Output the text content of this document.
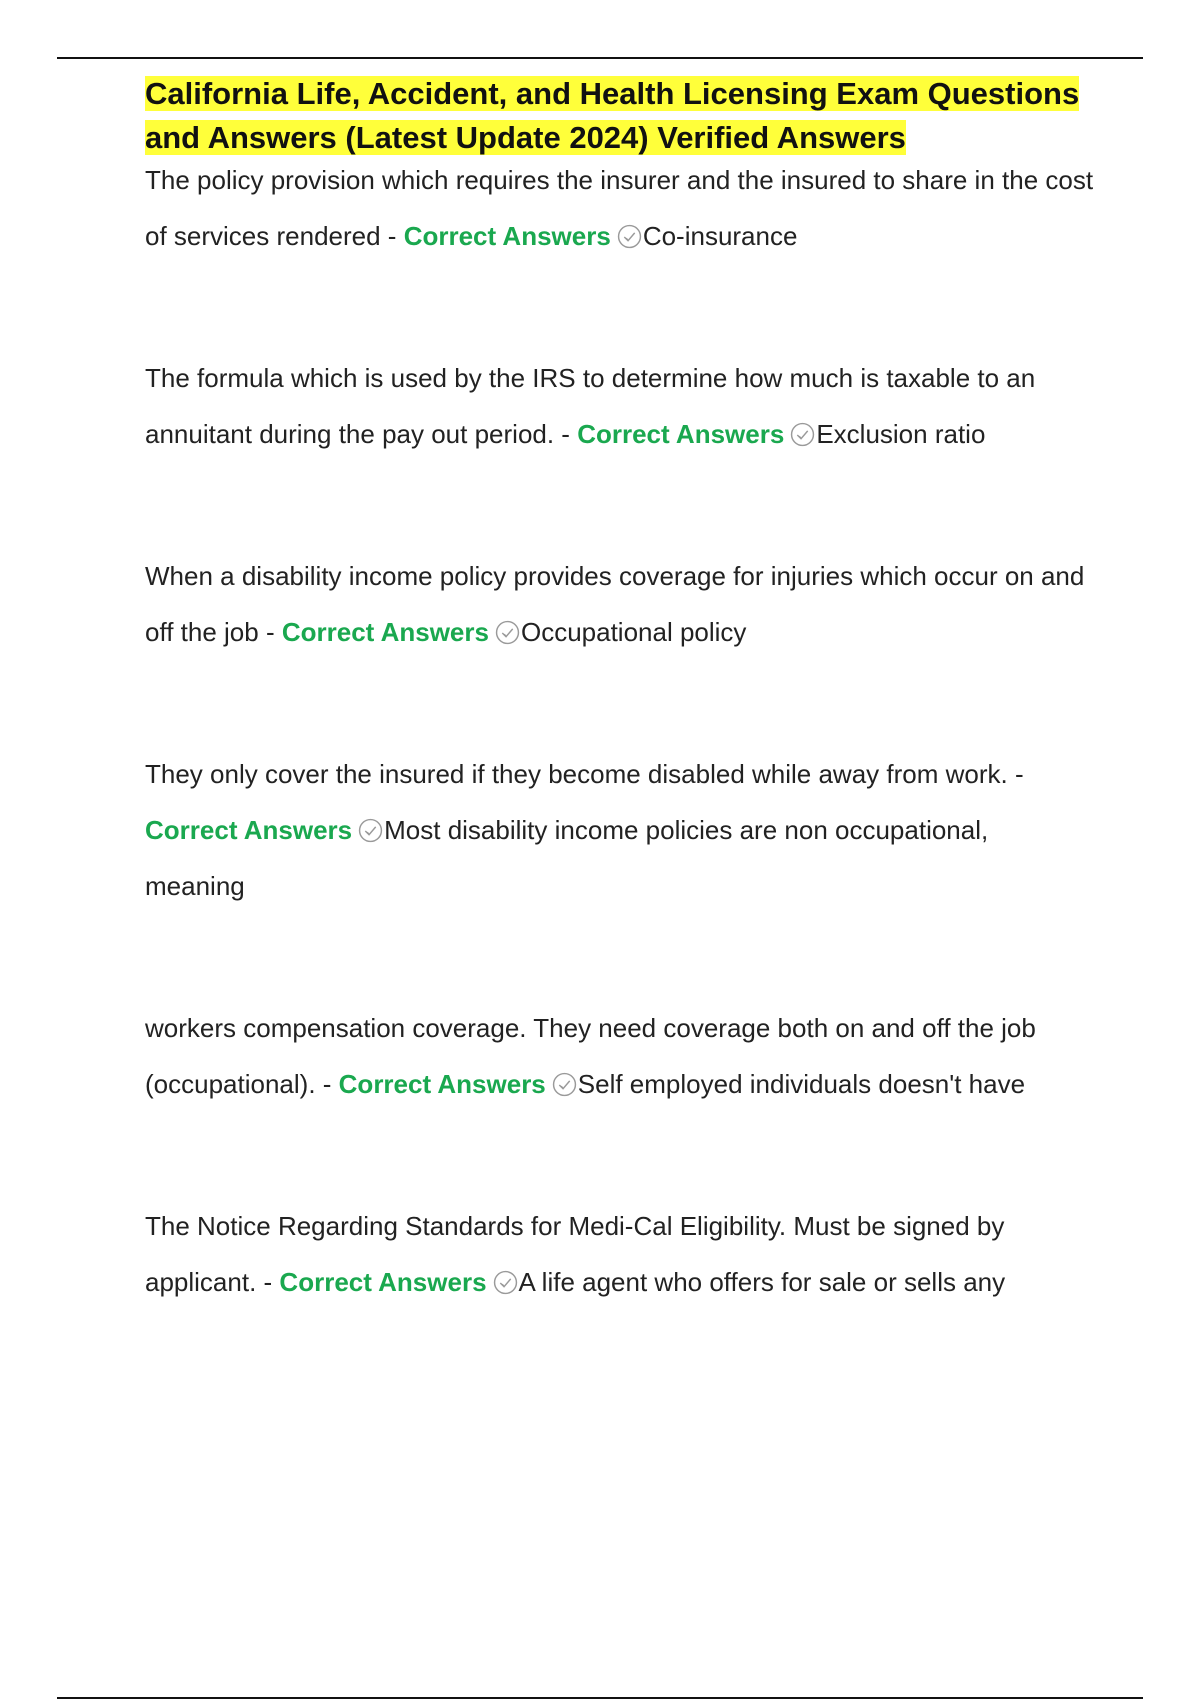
California Life, Accident, and Health Licensing Exam Questions and Answers (Latest Update 2024) Verified Answers

The policy provision which requires the insurer and the insured to share in the cost of services rendered - Correct Answers Co-insurance

The formula which is used by the IRS to determine how much is taxable to an annuitant during the pay out period. - Correct Answers Exclusion ratio

When a disability income policy provides coverage for injuries which occur on and off the job - Correct Answers Occupational policy

They only cover the insured if they become disabled while away from work. - Correct Answers Most disability income policies are non occupational, meaning

workers compensation coverage. They need coverage both on and off the job (occupational). - Correct Answers Self employed individuals doesn't have

The Notice Regarding Standards for Medi-Cal Eligibility. Must be signed by applicant. - Correct Answers A life agent who offers for sale or sells any
